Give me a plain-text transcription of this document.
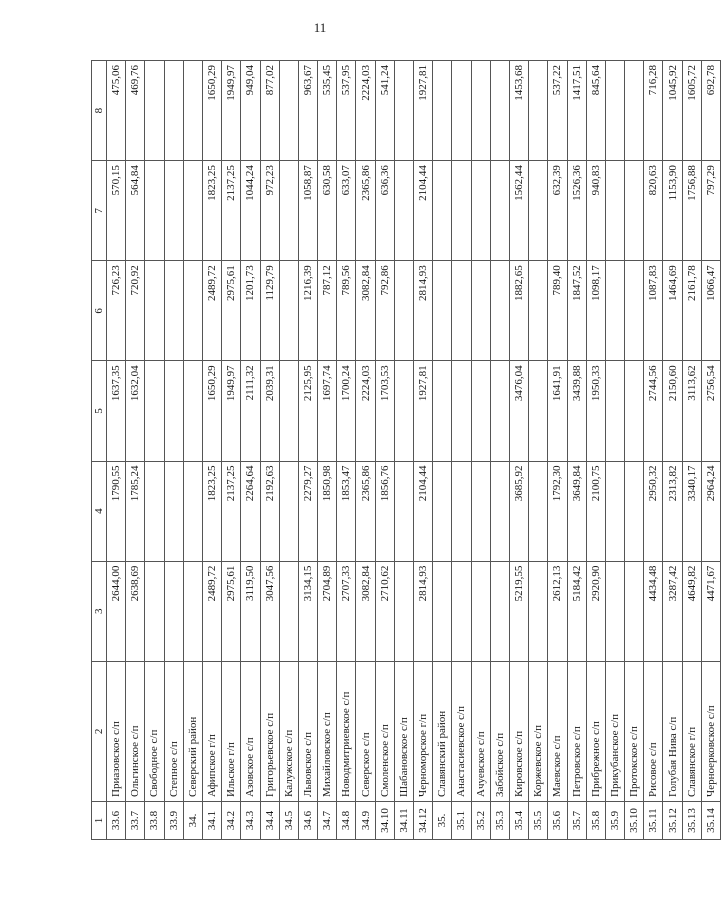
11
1	2	3	4	5	6	7	8
33.6	Приазовское с/п	2644,00	1790,55	1637,35	726,23	570,15	475,06
33.7	Ольгинское с/п	2638,69	1785,24	1632,04	720,92	564,84	469,76
33.8	Свободное с/п						
33.9	Степное с/п						
34.	Северский район						
34.1	Афипское г/п	2489,72	1823,25	1650,29	2489,72	1823,25	1650,29
34.2	Ильское г/п	2975,61	2137,25	1949,97	2975,61	2137,25	1949,97
34.3	Азовское с/п	3119,50	2264,64	2111,32	1201,73	1044,24	949,04
34.4	Григорьевское с/п	3047,56	2192,63	2039,31	1129,79	972,23	877,02
34.5	Калужское с/п						
34.6	Львовское с/п	3134,15	2279,27	2125,95	1216,39	1058,87	963,67
34.7	Михайловское с/п	2704,89	1850,98	1697,74	787,12	630,58	535,45
34.8	Новодмитриевское с/п	2707,33	1853,47	1700,24	789,56	633,07	537,95
34.9	Северское с/п	3082,84	2365,86	2224,03	3082,84	2365,86	2224,03
34.10	Смоленское с/п	2710,62	1856,76	1703,53	792,86	636,36	541,24
34.11	Шабановское с/п						
34.12	Черноморское г/п	2814,93	2104,44	1927,81	2814,93	2104,44	1927,81
35.	Славянский район						
35.1	Анастасиевское с/п						
35.2	Ачуевское с/п						
35.3	Забойское с/п						
35.4	Кировское с/п	5219,55	3685,92	3476,04	1882,65	1562,44	1453,68
35.5	Коржевское с/п						
35.6	Маевское с/п	2612,13	1792,30	1641,91	789,40	632,39	537,22
35.7	Петровское с/п	5184,42	3649,84	3439,88	1847,52	1526,36	1417,51
35.8	Прибрежное с/п	2920,90	2100,75	1950,33	1098,17	940,83	845,64
35.9	Прикубанское с/п						
35.10	Протокское с/п						
35.11	Рисовое с/п	4434,48	2950,32	2744,56	1087,83	820,63	716,28
35.12	Голубая Нива с/п	3287,42	2313,82	2150,60	1464,69	1153,90	1045,92
35.13	Славянское г/п	4649,82	3340,17	3113,62	2161,78	1756,88	1605,72
35.14	Черноерковское с/п	4471,67	2964,24	2756,54	1066,47	797,29	692,78
